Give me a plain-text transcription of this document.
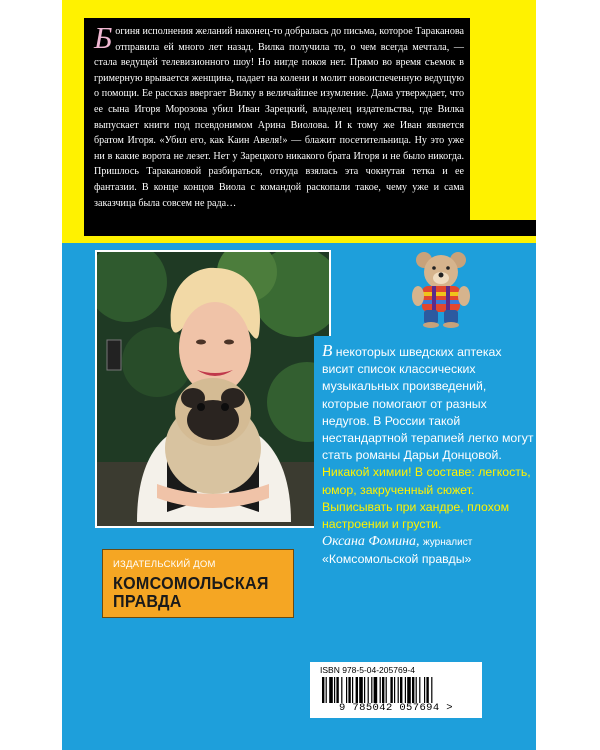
Богиня исполнения желаний наконец-то добралась до письма, которое Тараканова отправила ей много лет назад. Вилка получила то, о чем всегда мечтала, — стала ведущей телевизионного шоу! Но нигде покоя нет. Прямо во время съемок в гримерную врывается женщина, падает на колени и молит новоиспеченную ведущую о помощи. Ее рассказ ввергает Вилку в величайшее изумление. Дама утверждает, что ее сына Игоря Морозова убил Иван Зарецкий, владелец издательства, где Вилка выпускает книги под псевдонимом Арина Виолова. И к тому же Иван является братом Игоря. «Убил его, как Каин Авеля!» — блажит посетительница. Ну это уже ни в какие ворота не лезет. Нет у Зарецкого никакого брата Игоря и не было никогда. Пришлось Таракановой разбираться, откуда взялась эта чокнутая тетка и ее фантазии. В конце концов Виола с командой раскопали такое, чему уже и сама заказчица была совсем не рада…

В некоторых шведских аптеках висит список классических музыкальных произведений, которые помогают от разных недугов. В России такой нестандартной терапией легко могут стать романы Дарьи Донцовой. Никакой химии! В составе: легкость, юмор, закрученный сюжет. Выписывать при хандре, плохом настроении и грусти.
Оксана Фомина, журналист
«Комсомольской правды»

ИЗДАТЕЛЬСКИЙ ДОМ

КОМСОМОЛЬСКАЯ

ПРАВДА

ISBN 978-5-04-205769-4

9 785042 057694 >
